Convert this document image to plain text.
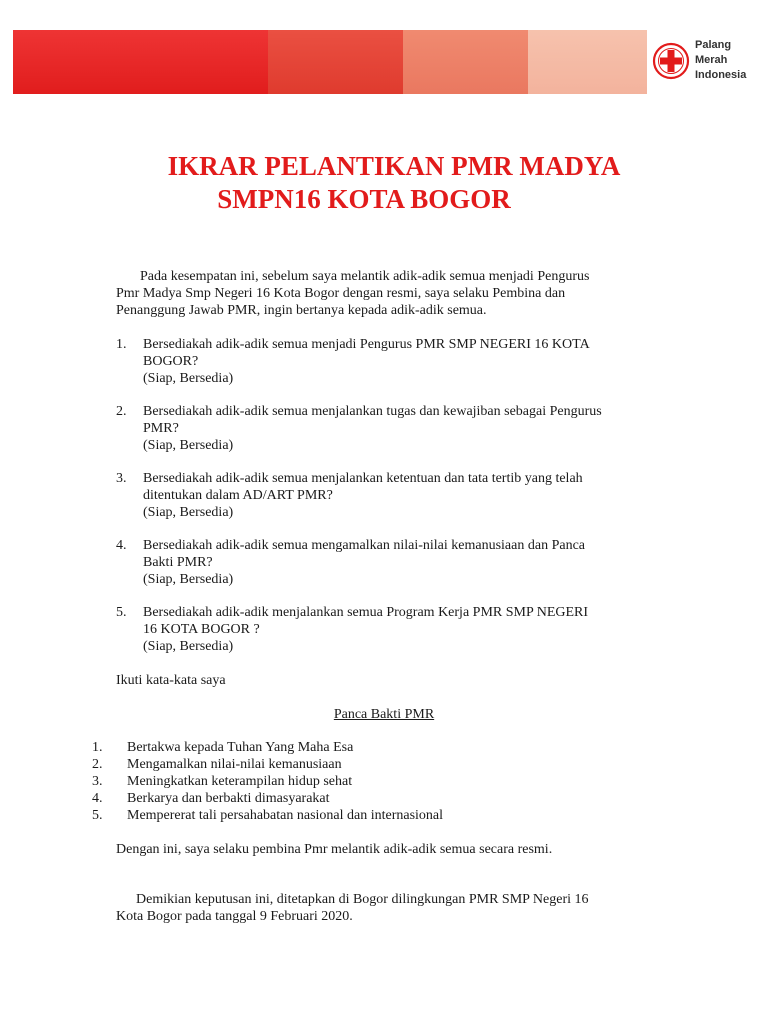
Palang
Merah
Indonesia
IKRAR PELANTIKAN PMR MADYA
SMPN16 KOTA BOGOR
Pada kesempatan ini, sebelum saya melantik adik-adik semua menjadi Pengurus
Pmr Madya Smp Negeri 16 Kota Bogor dengan resmi, saya selaku Pembina dan
Penanggung Jawab PMR, ingin bertanya kepada adik-adik semua.
1. Bersediakah adik-adik semua menjadi Pengurus PMR SMP NEGERI 16 KOTA
BOGOR?
(Siap, Bersedia)
2. Bersediakah adik-adik semua menjalankan tugas dan kewajiban sebagai Pengurus
PMR?
(Siap, Bersedia)
3. Bersediakah adik-adik semua menjalankan ketentuan dan tata tertib yang telah
ditentukan dalam AD/ART PMR?
(Siap, Bersedia)
4. Bersediakah adik-adik semua mengamalkan nilai-nilai kemanusiaan dan Panca
Bakti PMR?
(Siap, Bersedia)
5. Bersediakah adik-adik menjalankan semua Program Kerja PMR SMP NEGERI
16 KOTA BOGOR ?
(Siap, Bersedia)
Ikuti kata-kata saya
Panca Bakti PMR
1. Bertakwa kepada Tuhan Yang Maha Esa
2. Mengamalkan nilai-nilai kemanusiaan
3. Meningkatkan keterampilan hidup sehat
4. Berkarya dan berbakti dimasyarakat
5. Mempererat tali persahabatan nasional dan internasional
Dengan ini, saya selaku pembina Pmr melantik adik-adik semua secara resmi.
Demikian keputusan ini, ditetapkan di Bogor dilingkungan PMR SMP Negeri 16
Kota Bogor pada tanggal 9 Februari 2020.
